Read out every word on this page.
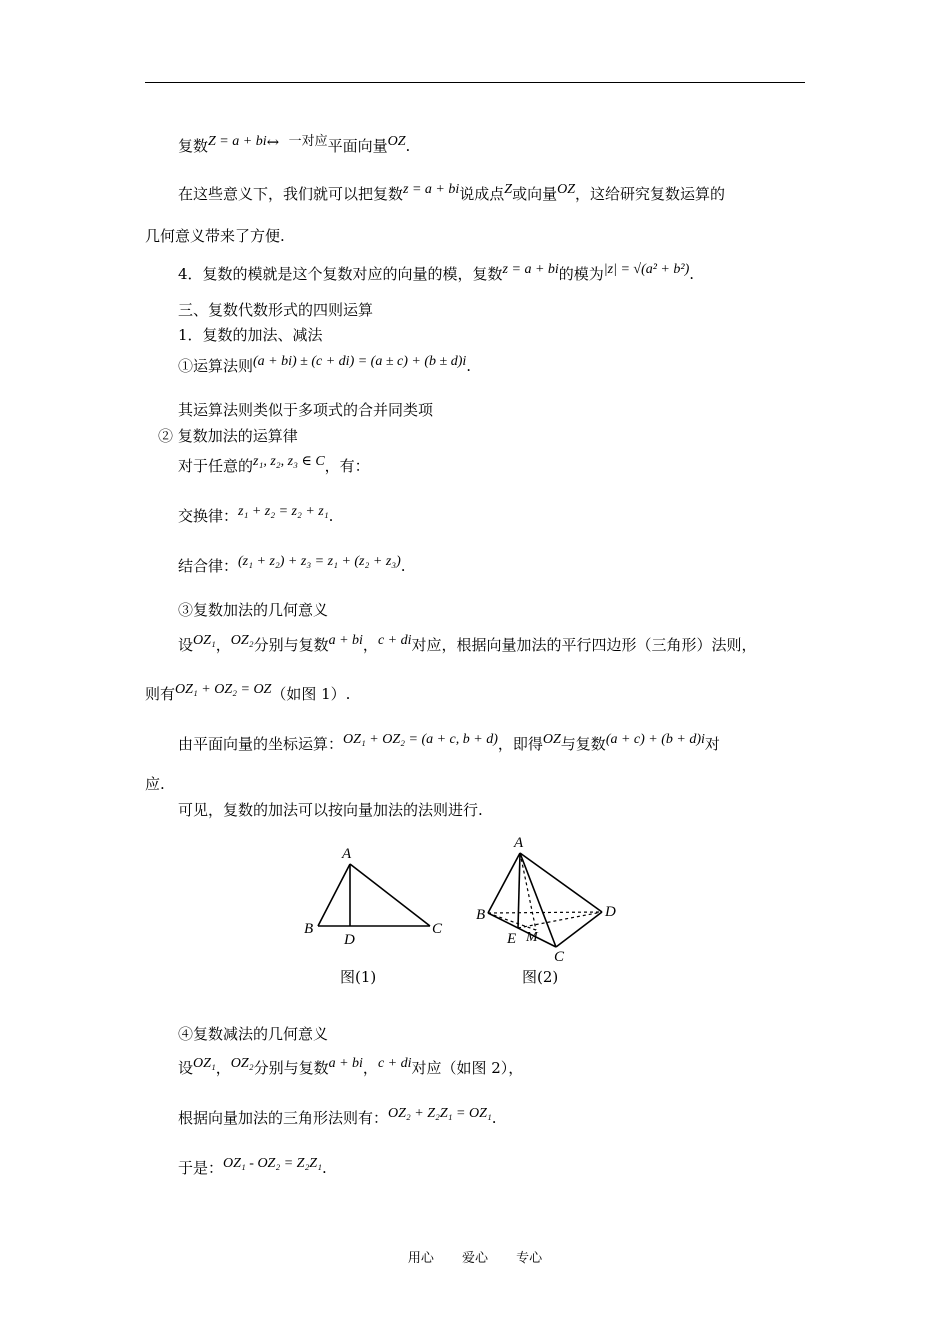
复数Z = a + bi↔ 一对应平面向量OZ.
在这些意义下，我们就可以把复数z = a + bi说成点Z或向量OZ，这给研究复数运算的
几何意义带来了方便.
4．复数的模就是这个复数对应的向量的模，复数z = a + bi的模为|z| = √(a² + b²).
三、复数代数形式的四则运算
1．复数的加法、减法
①运算法则(a + bi) ± (c + di) = (a ± c) + (b ± d)i.
其运算法则类似于多项式的合并同类项
② 复数加法的运算律
对于任意的z₁, z₂, z₃ ∈ C，有：
交换律：z₁ + z₂ = z₂ + z₁.
结合律：(z₁ + z₂) + z₃ = z₁ + (z₂ + z₃).
③复数加法的几何意义
设OZ₁，OZ₂分别与复数a + bi，c + di对应，根据向量加法的平行四边形（三角形）法则，
则有OZ₁ + OZ₂ = OZ（如图 1）.
由平面向量的坐标运算：OZ₁ + OZ₂ = (a + c, b + d)，即得OZ与复数(a + c) + (b + d)i对
应.
可见，复数的加法可以按向量加法的法则进行.
A
B	C
D
图(1)
A
B	D
C
E M
图(2)
④复数减法的几何意义
设OZ₁，OZ₂分别与复数a + bi，c + di对应（如图 2），
根据向量加法的三角形法则有：OZ₂ + Z₂Z₁ = OZ₁.
于是：OZ₁ - OZ₂ = Z₂Z₁.
用心 爱心 专心
